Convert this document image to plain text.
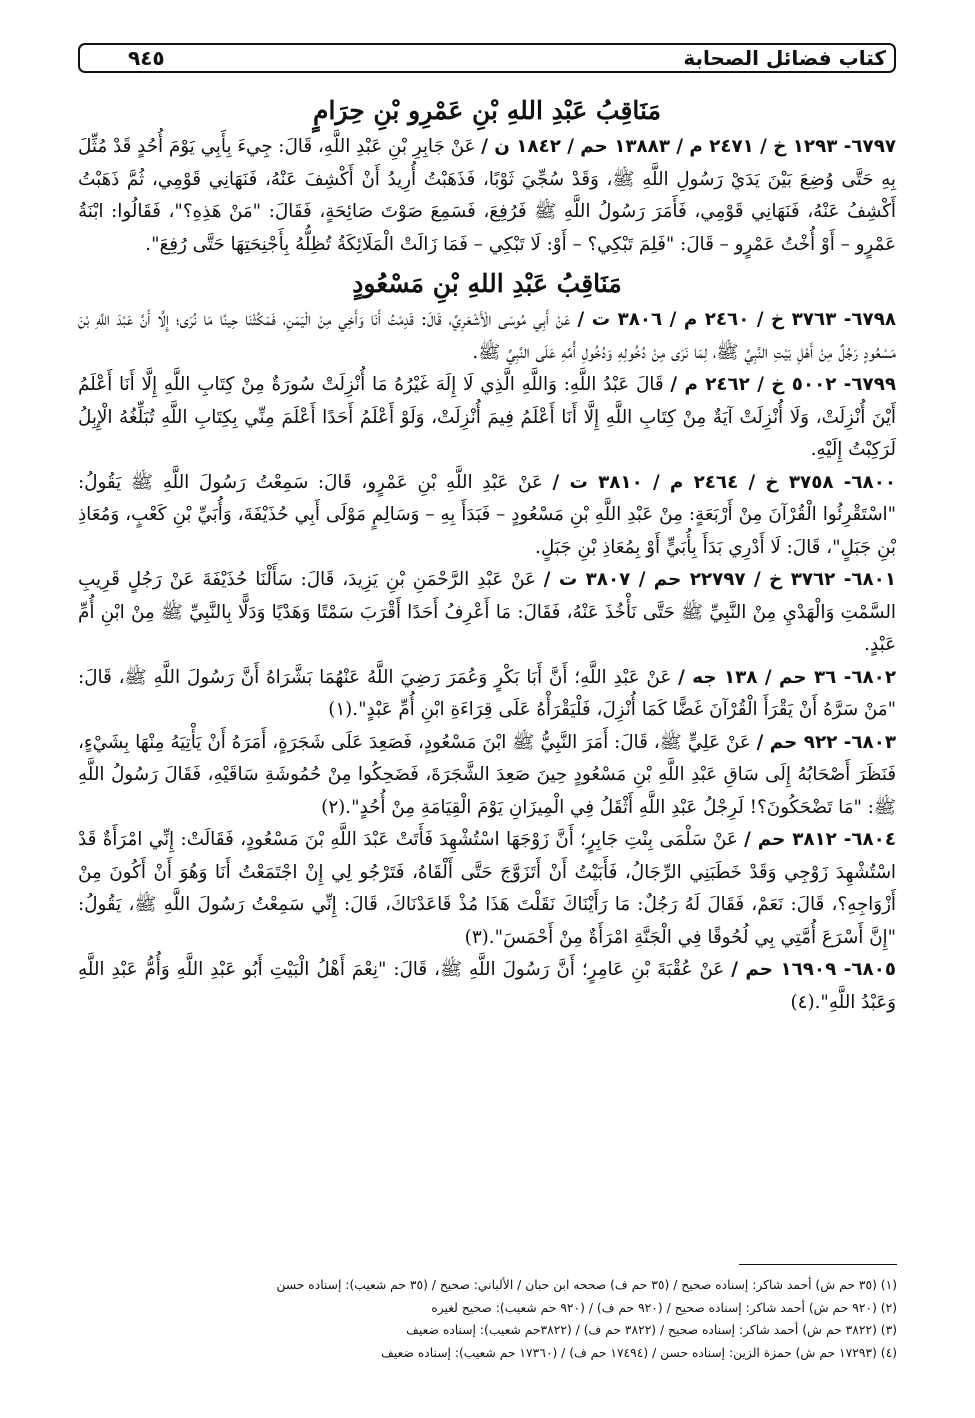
كتاب فضائل الصحابة
٩٤٥
مَنَاقِبُ عَبْدِ اللهِ بْنِ عَمْرِو بْنِ حِرَامٍ

٦٧٩٧- ١٢٩٣ خ / ٢٤٧١ م / ١٣٨٨٣ حم / ١٨٤٢ ن / عَنْ جَابِرِ بْنِ عَبْدِ اللَّهِ، قَالَ: جِيءَ بِأَبِي يَوْمَ أُحُدٍ قَدْ مُثِّلَ بِهِ حَتَّى وُضِعَ بَيْنَ يَدَيْ رَسُولِ اللَّهِ ﷺ، وَقَدْ سُجِّيَ ثَوْبًا، فَذَهَبْتُ أُرِيدُ أَنْ أَكْشِفَ عَنْهُ، فَنَهَانِي قَوْمِي، ثُمَّ ذَهَبْتُ أَكْشِفُ عَنْهُ، فَنَهَانِي قَوْمِي، فَأَمَرَ رَسُولُ اللَّهِ ﷺ فَرُفِعَ، فَسَمِعَ صَوْتَ صَائِحَةٍ، فَقَالَ: "مَنْ هَذِهِ؟"، فَقَالُوا: ابْنَةُ عَمْرٍو – أَوْ أُخْتُ عَمْرٍو – قَالَ: "فَلِمَ تَبْكِي؟ – أَوْ: لَا تَبْكِي – فَمَا زَالَتْ الْمَلَائِكَةُ تُظِلُّهُ بِأَجْنِحَتِهَا حَتَّى رُفِعَ".

مَنَاقِبُ عَبْدِ اللهِ بْنِ مَسْعُودٍ

٦٧٩٨- ٣٧٦٣ خ / ٢٤٦٠ م / ٣٨٠٦ ت / عَنْ أَبِي مُوسَى الْأَشْعَرِيِّ، قَالَ: قَدِمْتُ أَنَا وَأَخِي مِنْ الْيَمَنِ، فَمَكُثْنَا حِينًا مَا نُرَى؛ إِلَّا أَنَّ عَبْدَ اللَّهِ بْنَ مَسْعُودٍ رَجُلٌ مِنْ أَهْلِ بَيْتِ النَّبِيِّ ﷺ، لِمَا نَرَى مِنْ دُخُولِهِ وَدُخُولِ أُمِّهِ عَلَى النَّبِيِّ ﷺ.

٦٧٩٩- ٥٠٠٢ خ / ٢٤٦٢ م / قَالَ عَبْدُ اللَّهِ: وَاللَّهِ الَّذِي لَا إِلَهَ غَيْرُهُ مَا أُنْزِلَتْ سُورَةٌ مِنْ كِتَابِ اللَّهِ إِلَّا أَنَا أَعْلَمُ أَيْنَ أُنْزِلَتْ، وَلَا أُنْزِلَتْ آيَةٌ مِنْ كِتَابِ اللَّهِ إِلَّا أَنَا أَعْلَمُ فِيمَ أُنْزِلَتْ، وَلَوْ أَعْلَمُ أَحَدًا أَعْلَمَ مِنِّي بِكِتَابِ اللَّهِ تُبَلِّغُهُ الْإِبِلُ لَرَكِبْتُ إِلَيْهِ.

٦٨٠٠- ٣٧٥٨ خ / ٢٤٦٤ م / ٣٨١٠ ت / عَنْ عَبْدِ اللَّهِ بْنِ عَمْرٍو، قَالَ: سَمِعْتُ رَسُولَ اللَّهِ ﷺ يَقُولُ: "اسْتَقْرِئُوا الْقُرْآنَ مِنْ أَرْبَعَةٍ: مِنْ عَبْدِ اللَّهِ بْنِ مَسْعُودٍ – فَبَدَأَ بِهِ – وَسَالِمٍ مَوْلَى أَبِي حُذَيْفَةَ، وَأُبَيِّ بْنِ كَعْبٍ، وَمُعَاذِ بْنِ جَبَلٍ"، قَالَ: لَا أَدْرِي بَدَأَ بِأُبَيٍّ أَوْ بِمُعَاذِ بْنِ جَبَلٍ.

٦٨٠١- ٣٧٦٢ خ / ٢٢٧٩٧ حم / ٣٨٠٧ ت / عَنْ عَبْدِ الرَّحْمَنِ بْنِ يَزِيدَ، قَالَ: سَأَلْنَا حُذَيْفَةَ عَنْ رَجُلٍ قَرِيبِ السَّمْتِ وَالْهَدْيِ مِنْ النَّبِيِّ ﷺ حَتَّى نَأْخُذَ عَنْهُ، فَقَالَ: مَا أَعْرِفُ أَحَدًا أَقْرَبَ سَمْتًا وَهَدْيًا وَدَلًّا بِالنَّبِيِّ ﷺ مِنْ ابْنِ أُمِّ عَبْدٍ.

٦٨٠٢- ٣٦ حم / ١٣٨ جه / عَنْ عَبْدِ اللَّهِ؛ أَنَّ أَبَا بَكْرٍ وَعُمَرَ رَضِيَ اللَّهُ عَنْهُمَا بَشَّرَاهُ أَنَّ رَسُولَ اللَّهِ ﷺ، قَالَ: "مَنْ سَرَّهُ أَنْ يَقْرَأَ الْقُرْآنَ غَضًّا كَمَا أُنْزِلَ، فَلْيَقْرَأْهُ عَلَى قِرَاءَةِ ابْنِ أُمِّ عَبْدٍ".(١)

٦٨٠٣- ٩٢٢ حم / عَنْ عَلِيٍّ ﷺ، قَالَ: أَمَرَ النَّبِيُّ ﷺ ابْنَ مَسْعُودٍ، فَصَعِدَ عَلَى شَجَرَةٍ، أَمَرَهُ أَنْ يَأْتِيَهُ مِنْهَا بِشَيْءٍ، فَنَظَرَ أَصْحَابُهُ إِلَى سَاقِ عَبْدِ اللَّهِ بْنِ مَسْعُودٍ حِينَ صَعِدَ الشَّجَرَةَ، فَضَحِكُوا مِنْ حُمُوشَةِ سَاقَيْهِ، فَقَالَ رَسُولُ اللَّهِ ﷺ: "مَا تَضْحَكُونَ؟! لَرِجْلُ عَبْدِ اللَّهِ أَثْقَلُ فِي الْمِيزَانِ يَوْمَ الْقِيَامَةِ مِنْ أُحُدٍ".(٢)

٦٨٠٤- ٣٨١٢ حم / عَنْ سَلْمَى بِنْتِ جَابِرٍ؛ أَنَّ زَوْجَهَا اسْتُشْهِدَ فَأَتَتْ عَبْدَ اللَّهِ بْنَ مَسْعُودٍ، فَقَالَتْ: إِنِّي امْرَأَةٌ قَدْ اسْتُشْهِدَ زَوْجِي وَقَدْ خَطَبَنِي الرِّجَالُ، فَأَبَيْتُ أَنْ أَتَزَوَّجَ حَتَّى أَلْقَاهُ، فَتَرْجُو لِي إِنْ اجْتَمَعْتُ أَنَا وَهُوَ أَنْ أَكُونَ مِنْ أَزْوَاجِهِ؟، قَالَ: نَعَمْ، فَقَالَ لَهُ رَجُلٌ: مَا رَأَيْنَاكَ نَقَلْتَ هَذَا مُذْ قَاعَدْنَاكَ، قَالَ: إِنِّي سَمِعْتُ رَسُولَ اللَّهِ ﷺ، يَقُولُ: "إِنَّ أَسْرَعَ أُمَّتِي بِي لُحُوقًا فِي الْجَنَّةِ امْرَأَةٌ مِنْ أَحْمَسَ".(٣)

٦٨٠٥- ١٦٩٠٩ حم / عَنْ عُقْبَةَ بْنِ عَامِرٍ؛ أَنَّ رَسُولَ اللَّهِ ﷺ، قَالَ: "نِعْمَ أَهْلُ الْبَيْتِ أَبُو عَبْدِ اللَّهِ وَأُمُّ عَبْدِ اللَّهِ وَعَبْدُ اللَّهِ".(٤)

(١) (٣٥ حم ش) أحمد شاكر: إسناده صحيح / (٣٥ حم ف) صححه ابن حبان / الألباني: صحيح / (٣٥ حم شعيب): إسناده حسن
(٢) (٩٢٠ حم ش) أحمد شاكر: إسناده صحيح / (٩٢٠ حم ف) / (٩٢٠ حم شعيب): صحيح لغيره
(٣) (٣٨٢٢ حم ش) أحمد شاكر: إسناده صحيح / (٣٨٢٢ حم ف) / (٣٨٢٢حم شعيب): إسناده ضعيف
(٤) (١٧٢٩٣ حم ش) حمزة الزين: إسناده حسن / (١٧٤٩٤ حم ف) / (١٧٣٦٠ حم شعيب): إسناده ضعيف
